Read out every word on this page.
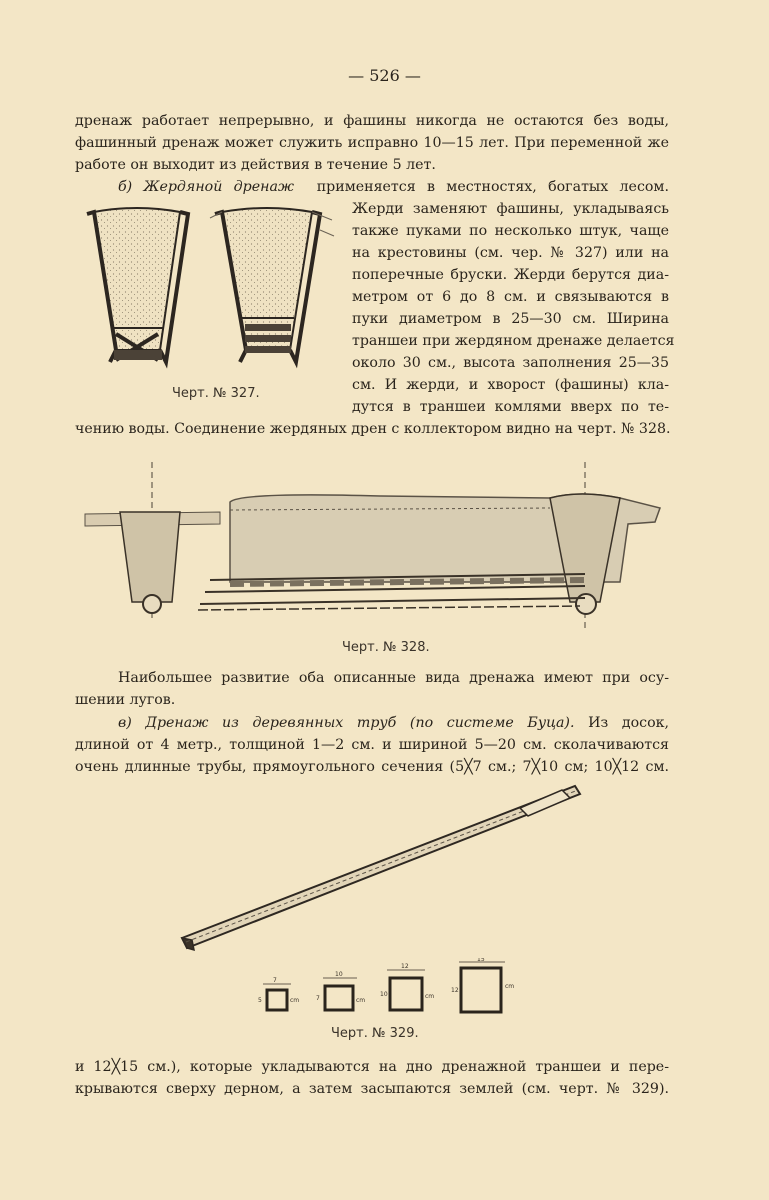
— 526 —
дренаж работает непрерывно, и фашины никогда не остаются без воды,
фашинный дренаж может служить исправно 10—15 лет. При переменной же
работе он выходит из действия в течение 5 лет.
б) Жердяной дренаж применяется в местностях, богатых лесом.
Жерди заменяют фашины, укладываясь
также пуками по несколько штук, чаще
на крестовины (см. чер. № 327) или на
поперечные бруски. Жерди берутся диа-
метром от 6 до 8 см. и связываются в
пуки диаметром в 25—30 см. Ширина
траншеи при жердяном дренаже делается
около 30 см., высота заполнения 25—35
см. И жерди, и хворост (фашины) кла-
дутся в траншеи комлями вверх по те-
чению воды. Соединение жердяных дрен с коллектором видно на черт. № 328.
Черт. № 327.
Черт. № 328.
Наибольшее развитие оба описанные вида дренажа имеют при осу-
шении лугов.
в) Дренаж из деревянных труб (по системе Буца). Из досок,
длиной от 4 метр., толщиной 1—2 см. и шириной 5—20 см. сколачиваются
очень длинные трубы, прямоугольного сечения (5╳7 см.; 7╳10 см; 10╳12 см.
7
cm
5
10
cm
7
12
cm
10
15
cm
12
Черт. № 329.
и 12╳15 см.), которые укладываются на дно дренажной траншеи и пере-
крываются сверху дерном, а затем засыпаются землей (см. черт. № 329).
